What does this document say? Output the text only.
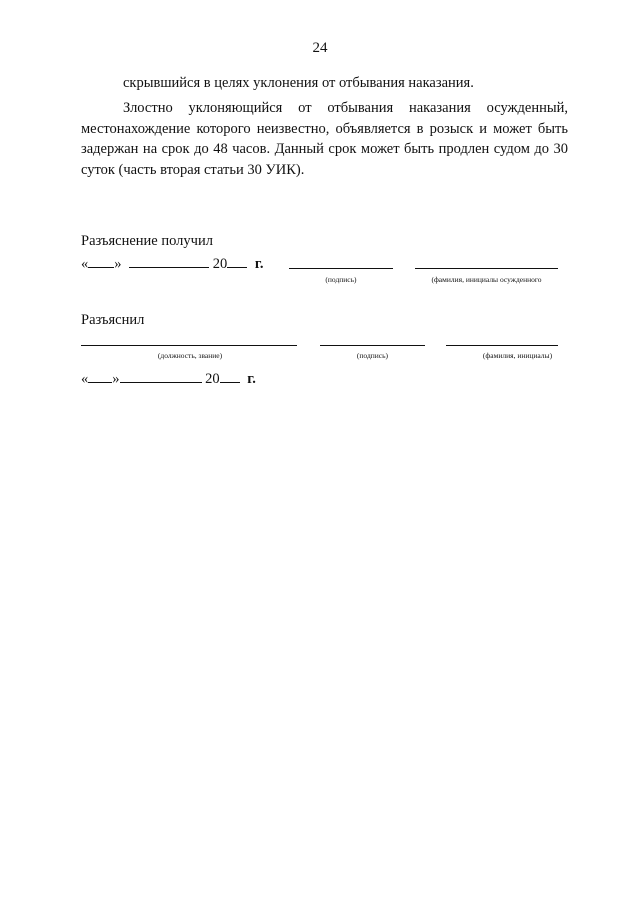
24
скрывшийся в целях уклонения от отбывания наказания.
Злостно уклоняющийся от отбывания наказания осужденный, местонахождение которого неизвестно, объявляется в розыск и может быть задержан на срок до 48 часов. Данный срок может быть продлен судом до 30 суток (часть вторая статьи 30 УИК).
Разъяснение получил
« »	20 г.
(подпись)	(фамилия, инициалы осужденного
Разъяснил
(должность, звание)	(подпись)	(фамилия, инициалы)
« »	20 г.
